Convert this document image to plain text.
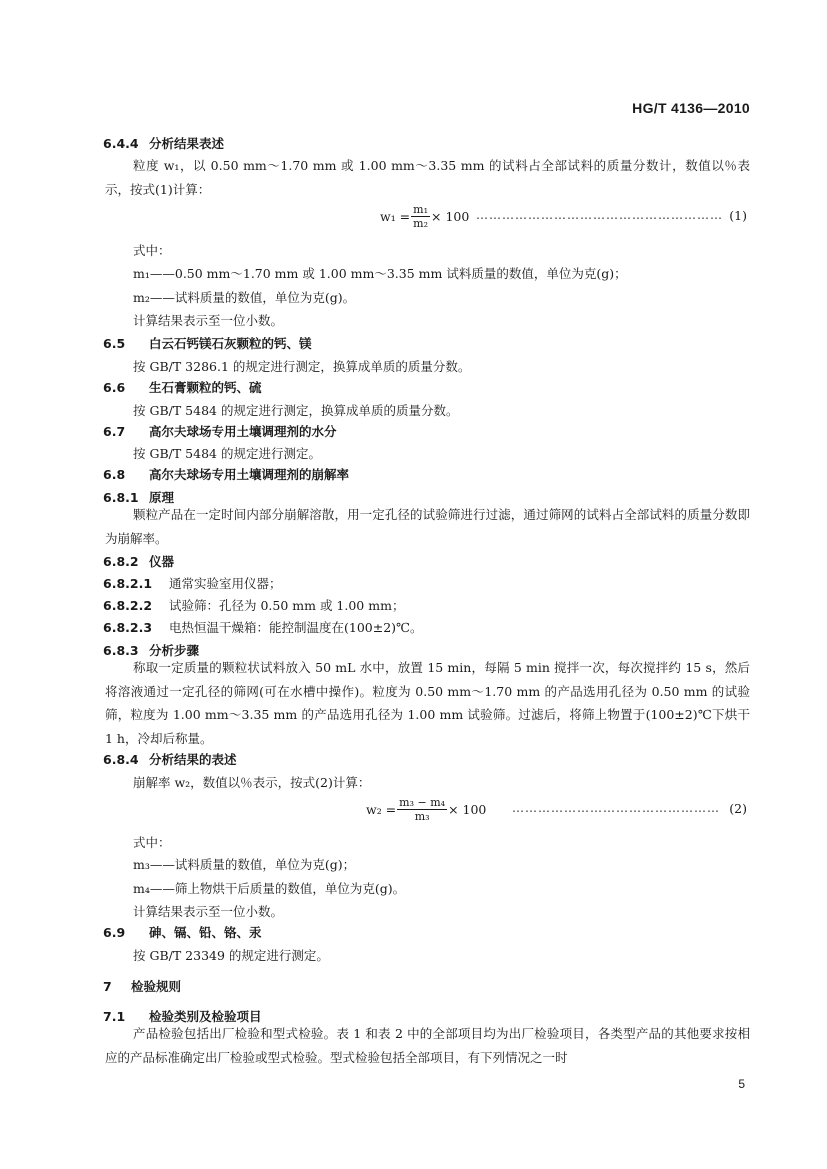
HG/T 4136—2010
6.4.4 分析结果表述
粒度 w₁，以 0.50 mm～1.70 mm 或 1.00 mm～3.35 mm 的试料占全部试料的质量分数计，数值以％表示，按式(1)计算：
$w_1 = \frac{\text{m₁}}{\text{m₂}} \times 100$ ………………………………………………… (1)
式中：
m₁——0.50 mm～1.70 mm 或 1.00 mm～3.35 mm 试料质量的数值，单位为克(g)；
m₂——试料质量的数值，单位为克(g)。
计算结果表示至一位小数。
6.5 白云石钙镁石灰颗粒的钙、镁
按 GB/T 3286.1 的规定进行测定，换算成单质的质量分数。
6.6 生石膏颗粒的钙、硫
按 GB/T 5484 的规定进行测定，换算成单质的质量分数。
6.7 高尔夫球场专用土壤调理剂的水分
按 GB/T 5484 的规定进行测定。
6.8 高尔夫球场专用土壤调理剂的崩解率
6.8.1 原理
颗粒产品在一定时间内部分崩解溶散，用一定孔径的试验筛进行过滤，通过筛网的试料占全部试料的质量分数即为崩解率。
6.8.2 仪器
6.8.2.1 通常实验室用仪器；
6.8.2.2 试验筛：孔径为 0.50 mm 或 1.00 mm；
6.8.2.3 电热恒温干燥箱：能控制温度在(100±2)℃。
6.8.3 分析步骤
称取一定质量的颗粒状试料放入 50 mL 水中，放置 15 min，每隔 5 min 搅拌一次，每次搅拌约 15 s，然后将溶液通过一定孔径的筛网(可在水槽中操作)。粒度为 0.50 mm～1.70 mm 的产品选用孔径为 0.50 mm 的试验筛，粒度为 1.00 mm～3.35 mm 的产品选用孔径为 1.00 mm 试验筛。过滤后，将筛上物置于(100±2)℃下烘干 1 h，冷却后称量。
6.8.4 分析结果的表述
崩解率 w₂，数值以％表示，按式(2)计算：
$w_2 = \frac{\text{m₃ − m₄}}{\text{m₃}} \times 100$ ………………………………………… (2)
式中：
m₃——试料质量的数值，单位为克(g)；
m₄——筛上物烘干后质量的数值，单位为克(g)。
计算结果表示至一位小数。
6.9 砷、镉、铅、铬、汞
按 GB/T 23349 的规定进行测定。
7 检验规则
7.1 检验类别及检验项目
产品检验包括出厂检验和型式检验。表 1 和表 2 中的全部项目均为出厂检验项目，各类型产品的其他要求按相应的产品标准确定出厂检验或型式检验。型式检验包括全部项目，有下列情况之一时
5
